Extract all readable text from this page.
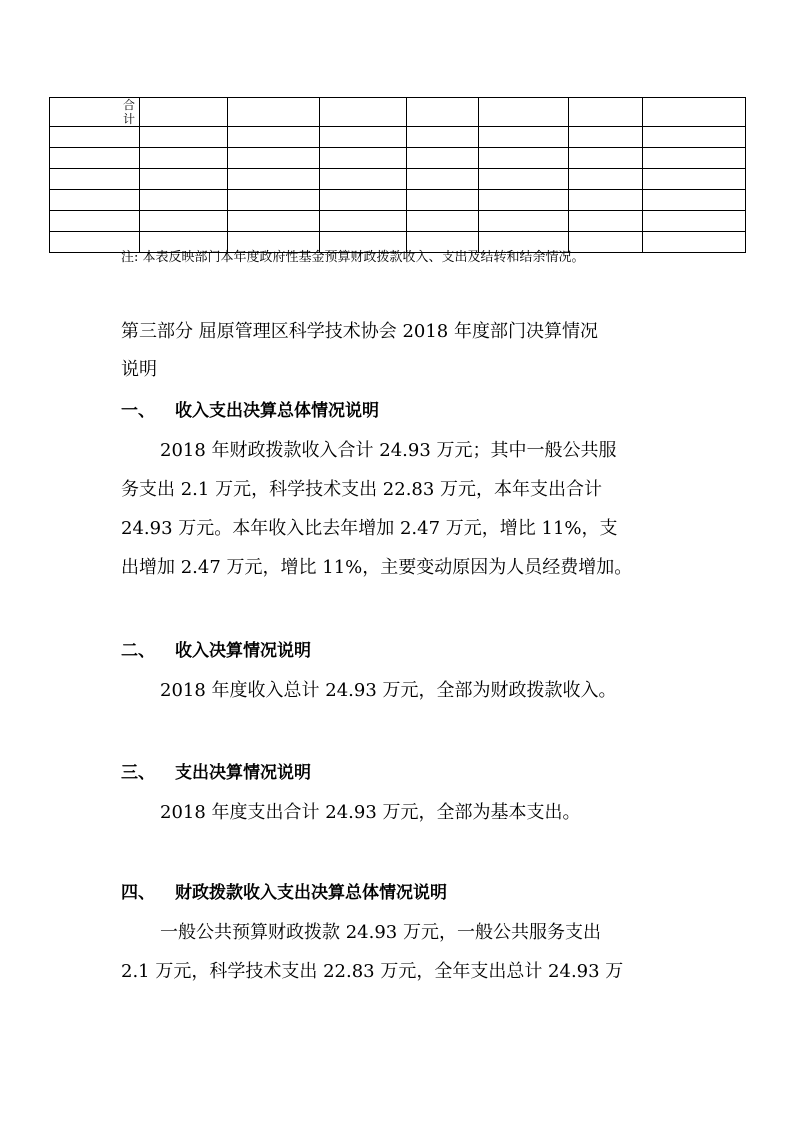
合计							

注: 本表反映部门本年度政府性基金预算财政拨款收入、支出及结转和结余情况。
第三部分 屈原管理区科学技术协会 2018 年度部门决算情况
说明
一、 收入支出决算总体情况说明
2018 年财政拨款收入合计 24.93 万元；其中一般公共服
务支出 2.1 万元，科学技术支出 22.83 万元，本年支出合计
24.93 万元。本年收入比去年增加 2.47 万元，增比 11%，支
出增加 2.47 万元，增比 11%，主要变动原因为人员经费增加。
二、 收入决算情况说明
2018 年度收入总计 24.93 万元，全部为财政拨款收入。
三、 支出决算情况说明
2018 年度支出合计 24.93 万元，全部为基本支出。
四、 财政拨款收入支出决算总体情况说明
一般公共预算财政拨款 24.93 万元，一般公共服务支出
2.1 万元，科学技术支出 22.83 万元，全年支出总计 24.93 万
